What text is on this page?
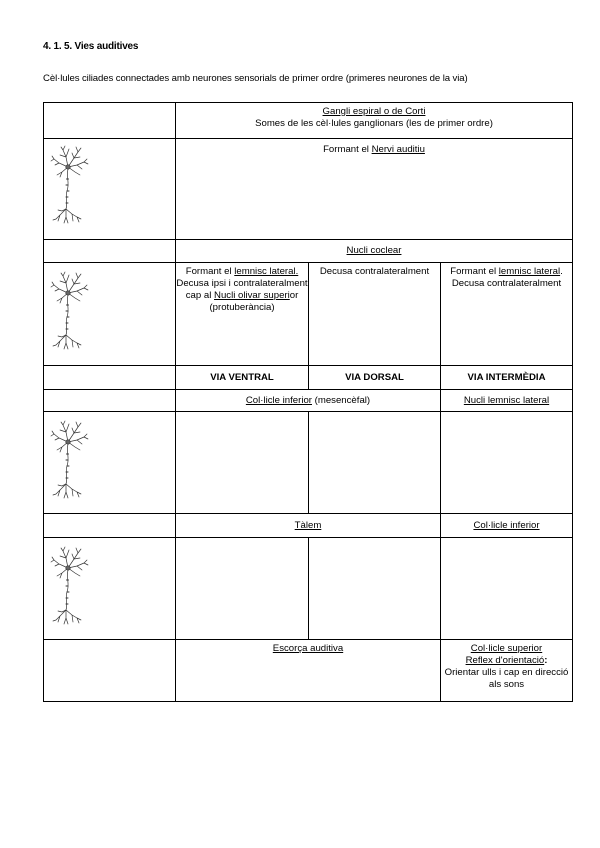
4. 1. 5. Vies auditives
Cèl·lules ciliades connectades amb neurones sensorials de primer ordre (primeres neurones de la via)

	Gangli espiral o de Corti
Somes de les cèl·lules ganglionars (les de primer ordre)		

	Formant el Nervi auditiu		
	Nucli coclear		

	Formant el lemnisc lateral. Decusa ipsi i contralateralment cap al Nucli olivar superior (protuberància)	Decusa contralateralment	Formant el lemnisc lateral. Decusa contralateralment
	VIA VENTRAL	VIA DORSAL	VIA INTERMÈDIA
	Col·licle inferior (mesencèfal)		Nucli lemnisc lateral

	Tàlem		Col·licle inferior

	Escorça auditiva		Col·licle superior
Reflex d'orientació:
Orientar ulls i cap en direcció als sons
